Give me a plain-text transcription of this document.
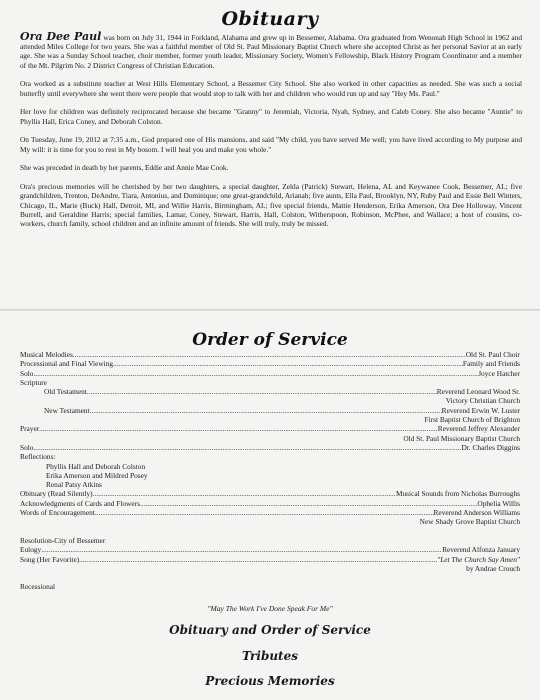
Obituary

Ora Dee Paul was born on July 31, 1944 in Forkland, Alabama and grew up in Bessemer, Alabama. Ora graduated from Wenonah High School in 1962 and attended Miles College for two years. She was a faithful member of Old St. Paul Missionary Baptist Church where she accepted Christ as her personal Savior at an early age. She was a Sunday School teacher, choir member, former youth leader, Missionary Society, Women's Fellowship, Black History Program Coordinator and a member of the Mt. Pilgrim No. 2 District Congress of Christian Education.

Ora worked as a substitute teacher at West Hills Elementary School, a Bessemer City School. She also worked in other capacities as needed. She was such a social butterfly until everywhere she went there were people that would stop to talk with her and children who would run up and say "Hey Ms. Paul."

Her love for children was definitely reciprocated because she became "Granny" to Jeremiah, Victoria, Nyah, Sydney, and Caleb Coney. She also became "Auntie" to Phyllis Hall, Erica Coney, and Deborah Colston.

On Tuesday, June 19, 2012 at 7:35 a.m., God prepared one of His mansions, and said "My child, you have served Me well; you have lived according to My purpose and My will: it is time for you to rest in My bosom. I will heal you and make you whole."

She was preceded in death by her parents, Eddie and Annie Mae Cook.

Ora's precious memories will be cherished by her two daughters, a special daughter, Zelda (Patrick) Stewart, Helena, AL and Keywanee Cook, Bessemer, AL; five grandchildren, Trenton, DeAndre, Tiara, Antonius, and Dominique; one great-grandchild, Arianah; five aunts, Ella Paul, Brooklyn, NY, Ruby Paul and Essie Bell Winters, Chicago, IL, Marie (Buck) Hall, Detroit, MI, and Willie Harris, Birmingham, AL; five special friends, Mattie Henderson, Erika Amerson, Ora Dee Holloway, Vincent Burrell, and Geraldine Harris; special families, Lamar, Coney, Stewart, Harris, Hall, Colston, Witherspoon, Robinson, McPhee, and Wallace; a host of cousins, co-workers, church family, school children and an infinite amount of friends. She will truly, truly be missed.

Order of Service
Musical Melodies .....	Old St. Paul Choir
Processional and Final Viewing .....	Family and Friends
Solo .....	Joyce Hatcher
Scripture
Old Testament .....	Reverend Leonard Wood Sr.
Victory Christian Church
New Testament .....	Reverend Erwin W. Luster
First Baptist Church of Brighton
Prayer .....	Reverend Jeffrey Alexander
Old St. Paul Missionary Baptist Church
Solo .....	Dr. Charles Diggins
Reflections:
Phyllis Hall and Deborah Colston
Erika Amerson and Mildred Posey
Renal Patsy Atkins
Obituary (Read Silently) .....	Musical Sounds from Nicholas Burroughs
Acknowledgments of Cards and Flowers .....	Ophelia Willis
Words of Encouragement .....	Reverend Anderson Williams
New Shady Grove Baptist Church
Resolution-City of Bessemer
Eulogy .....	Reverend Alfonza January
Song (Her Favorite) .....	"Let The Church Say Amen"
by Andrae Crouch
Recessional
"May The Work I've Done Speak For Me"
Obituary and Order of Service
Tributes
Precious Memories
